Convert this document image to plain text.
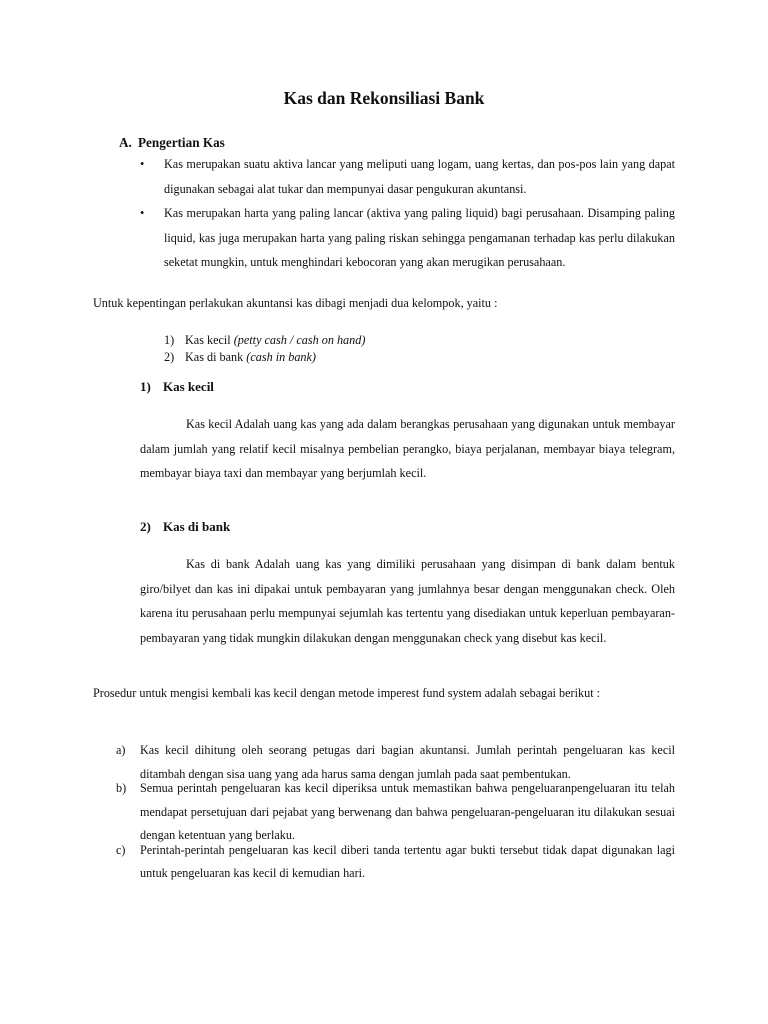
Kas dan Rekonsiliasi Bank
A. Pengertian Kas
• Kas merupakan suatu aktiva lancar yang meliputi uang logam, uang kertas, dan pos-pos lain yang dapat digunakan sebagai alat tukar dan mempunyai dasar pengukuran akuntansi.
• Kas merupakan harta yang paling lancar (aktiva yang paling liquid) bagi perusahaan. Disamping paling liquid, kas juga merupakan harta yang paling riskan sehingga pengamanan terhadap kas perlu dilakukan seketat mungkin, untuk menghindari kebocoran yang akan merugikan perusahaan.
Untuk kepentingan perlakukan akuntansi kas dibagi menjadi dua kelompok, yaitu :
1) Kas kecil (petty cash / cash on hand)
2) Kas di bank (cash in bank)
1) Kas kecil
Kas kecil Adalah uang kas yang ada dalam berangkas perusahaan yang digunakan untuk membayar dalam jumlah yang relatif kecil misalnya pembelian perangko, biaya perjalanan, membayar biaya telegram, membayar biaya taxi dan membayar yang berjumlah kecil.
2) Kas di bank
Kas di bank Adalah uang kas yang dimiliki perusahaan yang disimpan di bank dalam bentuk giro/bilyet dan kas ini dipakai untuk pembayaran yang jumlahnya besar dengan menggunakan check. Oleh karena itu perusahaan perlu mempunyai sejumlah kas tertentu yang disediakan untuk keperluan pembayaran-pembayaran yang tidak mungkin dilakukan dengan menggunakan check yang disebut kas kecil.
Prosedur untuk mengisi kembali kas kecil dengan metode imperest fund system adalah sebagai berikut :
a) Kas kecil dihitung oleh seorang petugas dari bagian akuntansi. Jumlah perintah pengeluaran kas kecil ditambah dengan sisa uang yang ada harus sama dengan jumlah pada saat pembentukan.
b) Semua perintah pengeluaran kas kecil diperiksa untuk memastikan bahwa pengeluaranpengeluaran itu telah mendapat persetujuan dari pejabat yang berwenang dan bahwa pengeluaran-pengeluaran itu dilakukan sesuai dengan ketentuan yang berlaku.
c) Perintah-perintah pengeluaran kas kecil diberi tanda tertentu agar bukti tersebut tidak dapat digunakan lagi untuk pengeluaran kas kecil di kemudian hari.
